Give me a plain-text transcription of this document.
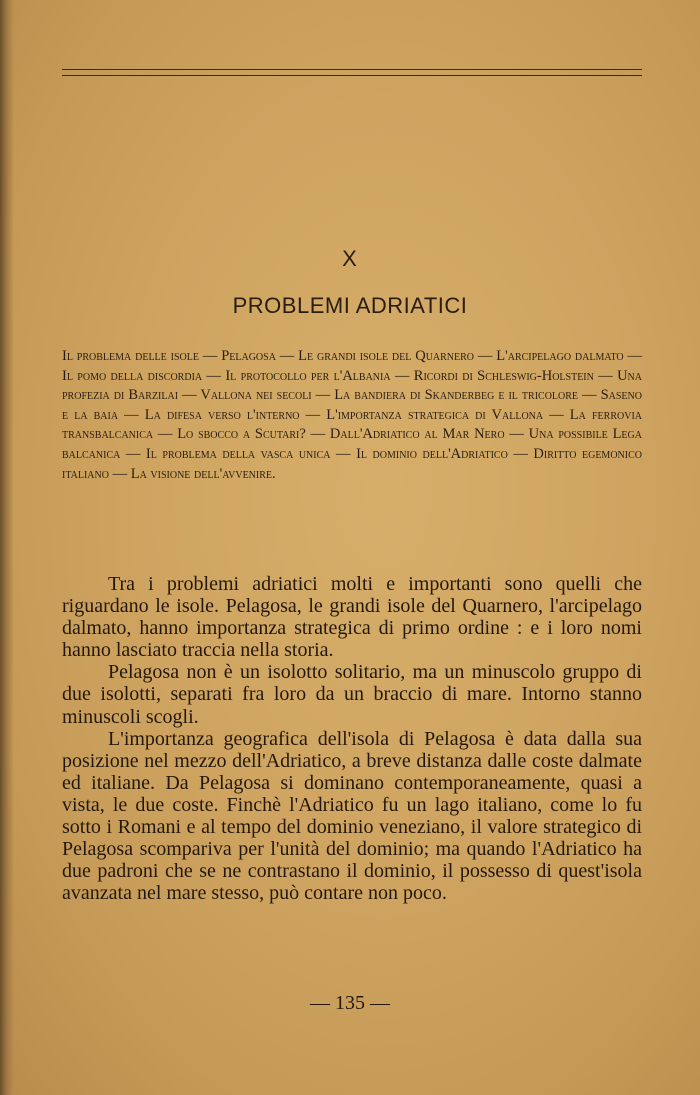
X
PROBLEMI ADRIATICI
Il problema delle isole — Pelagosa — Le grandi isole del Quarnero — L'arcipelago dalmato — Il pomo della discordia — Il protocollo per l'Albania — Ricordi di Schleswig-Holstein — Una profezia di Barzilai — Vallona nei secoli — La bandiera di Skanderbeg e il tricolore — Saseno e la baia — La difesa verso l'interno — L'importanza strategica di Vallona — La ferrovia transbalcanica — Lo sbocco a Scutari? — Dall'Adriatico al Mar Nero — Una possibile Lega balcanica — Il problema della vasca unica — Il dominio dell'Adriatico — Diritto egemonico italiano — La visione dell'avvenire.

Tra i problemi adriatici molti e importanti sono quelli che riguardano le isole. Pelagosa, le grandi isole del Quarnero, l'arcipelago dalmato, hanno importanza strategica di primo ordine : e i loro nomi hanno lasciato traccia nella storia.

Pelagosa non è un isolotto solitario, ma un minuscolo gruppo di due isolotti, separati fra loro da un braccio di mare. Intorno stanno minuscoli scogli.

L'importanza geografica dell'isola di Pelagosa è data dalla sua posizione nel mezzo dell'Adriatico, a breve distanza dalle coste dalmate ed italiane. Da Pelagosa si dominano contemporaneamente, quasi a vista, le due coste. Finchè l'Adriatico fu un lago italiano, come lo fu sotto i Romani e al tempo del dominio veneziano, il valore strategico di Pelagosa scompariva per l'unità del dominio; ma quando l'Adriatico ha due padroni che se ne contrastano il dominio, il possesso di quest'isola avanzata nel mare stesso, può contare non poco.

— 135 —
